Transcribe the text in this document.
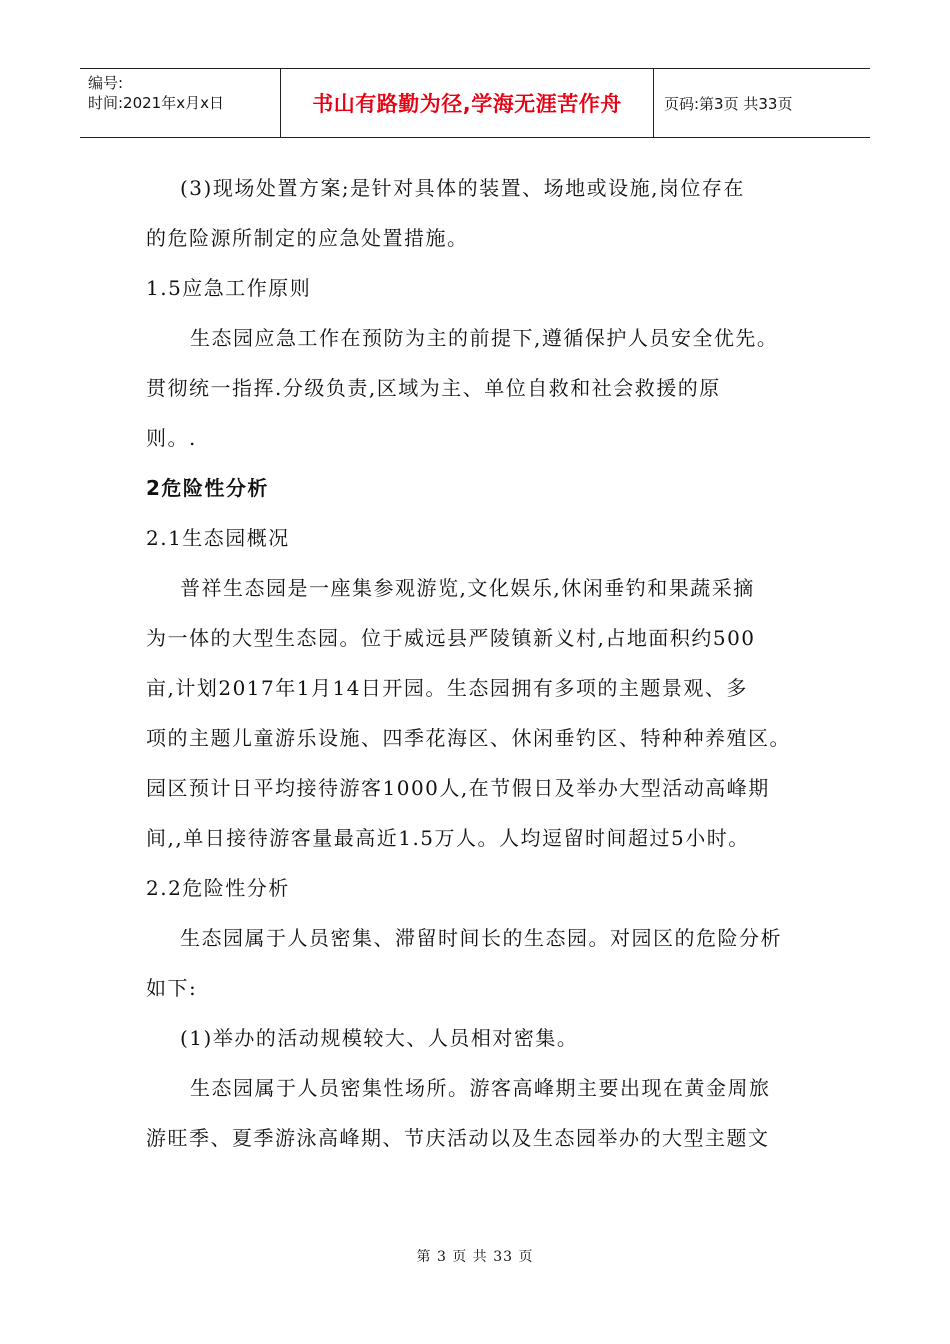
编号:
时间:2021年x月x日	书山有路勤为径,学海无涯苦作舟	页码:第3页 共33页
(3)现场处置方案;是针对具体的装置、场地或设施,岗位存在
的危险源所制定的应急处置措施。
1.5应急工作原则
生态园应急工作在预防为主的前提下,遵循保护人员安全优先。
贯彻统一指挥.分级负责,区域为主、单位自救和社会救援的原
则。.
2危险性分析
2.1生态园概况
普祥生态园是一座集参观游览,文化娱乐,休闲垂钓和果蔬采摘
为一体的大型生态园。位于威远县严陵镇新义村,占地面积约500
亩,计划2017年1月14日开园。生态园拥有多项的主题景观、多
项的主题儿童游乐设施、四季花海区、休闲垂钓区、特种种养殖区。
园区预计日平均接待游客1000人,在节假日及举办大型活动高峰期
间,,单日接待游客量最高近1.5万人。人均逗留时间超过5小时。
2.2危险性分析
生态园属于人员密集、滞留时间长的生态园。对园区的危险分析
如下:
(1)举办的活动规模较大、人员相对密集。
生态园属于人员密集性场所。游客高峰期主要出现在黄金周旅
游旺季、夏季游泳高峰期、节庆活动以及生态园举办的大型主题文
第 3 页 共 33 页
